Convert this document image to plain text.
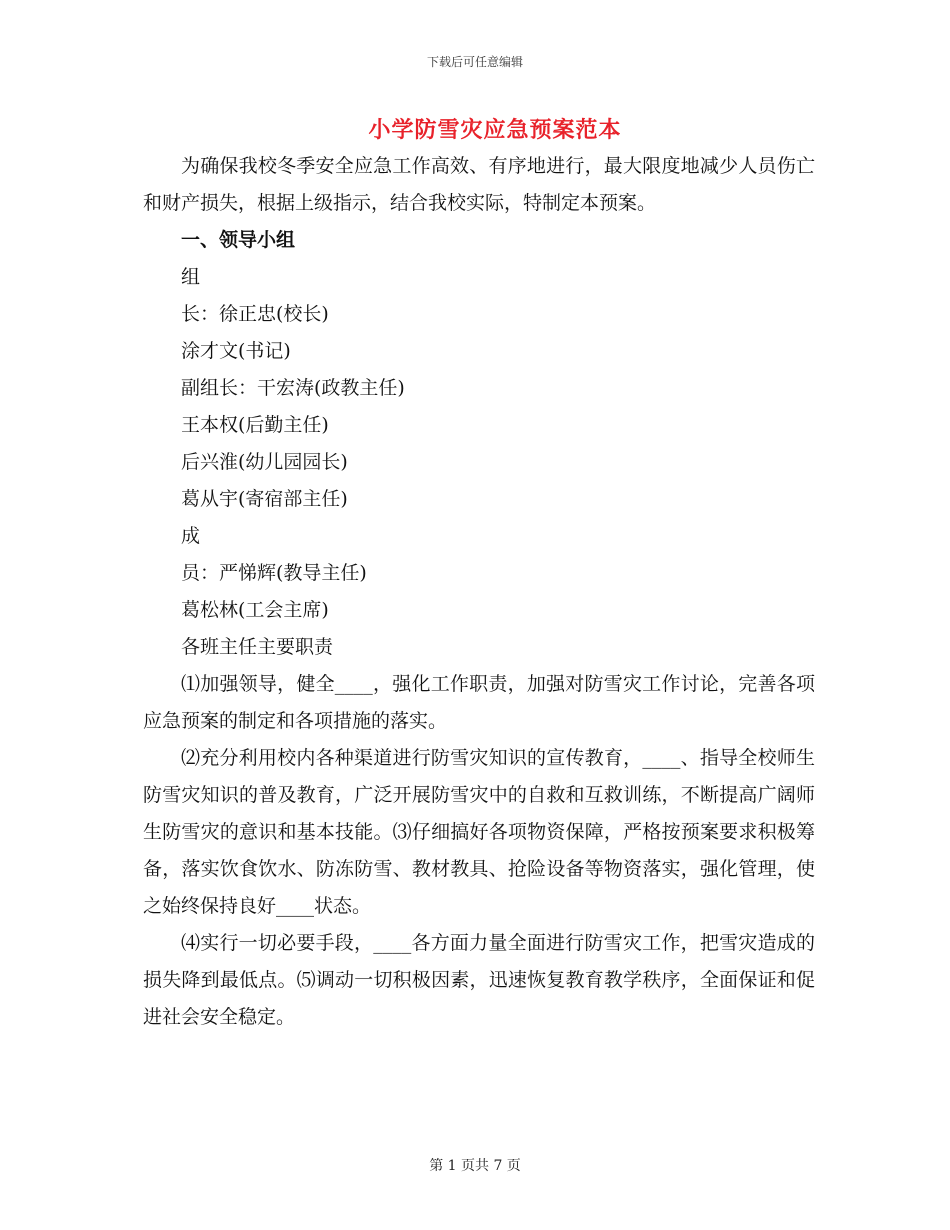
下载后可任意编辑
小学防雪灾应急预案范本

为确保我校冬季安全应急工作高效、有序地进行，最大限度地减少人员伤亡和财产损失，根据上级指示，结合我校实际，特制定本预案。

一、领导小组

组

长：徐正忠(校长)

涂才文(书记)

副组长：干宏涛(政教主任)

王本权(后勤主任)

后兴淮(幼儿园园长)

葛从宇(寄宿部主任)

成

员：严悌辉(教导主任)

葛松林(工会主席)

各班主任主要职责

⑴加强领导，健全____，强化工作职责，加强对防雪灾工作讨论，完善各项应急预案的制定和各项措施的落实。

⑵充分利用校内各种渠道进行防雪灾知识的宣传教育，____、指导全校师生防雪灾知识的普及教育，广泛开展防雪灾中的自救和互救训练，不断提高广阔师生防雪灾的意识和基本技能。⑶仔细搞好各项物资保障，严格按预案要求积极筹备，落实饮食饮水、防冻防雪、教材教具、抢险设备等物资落实，强化管理，使之始终保持良好____状态。

⑷实行一切必要手段，____各方面力量全面进行防雪灾工作，把雪灾造成的损失降到最低点。⑸调动一切积极因素，迅速恢复教育教学秩序，全面保证和促进社会安全稳定。

第 1 页共 7 页
